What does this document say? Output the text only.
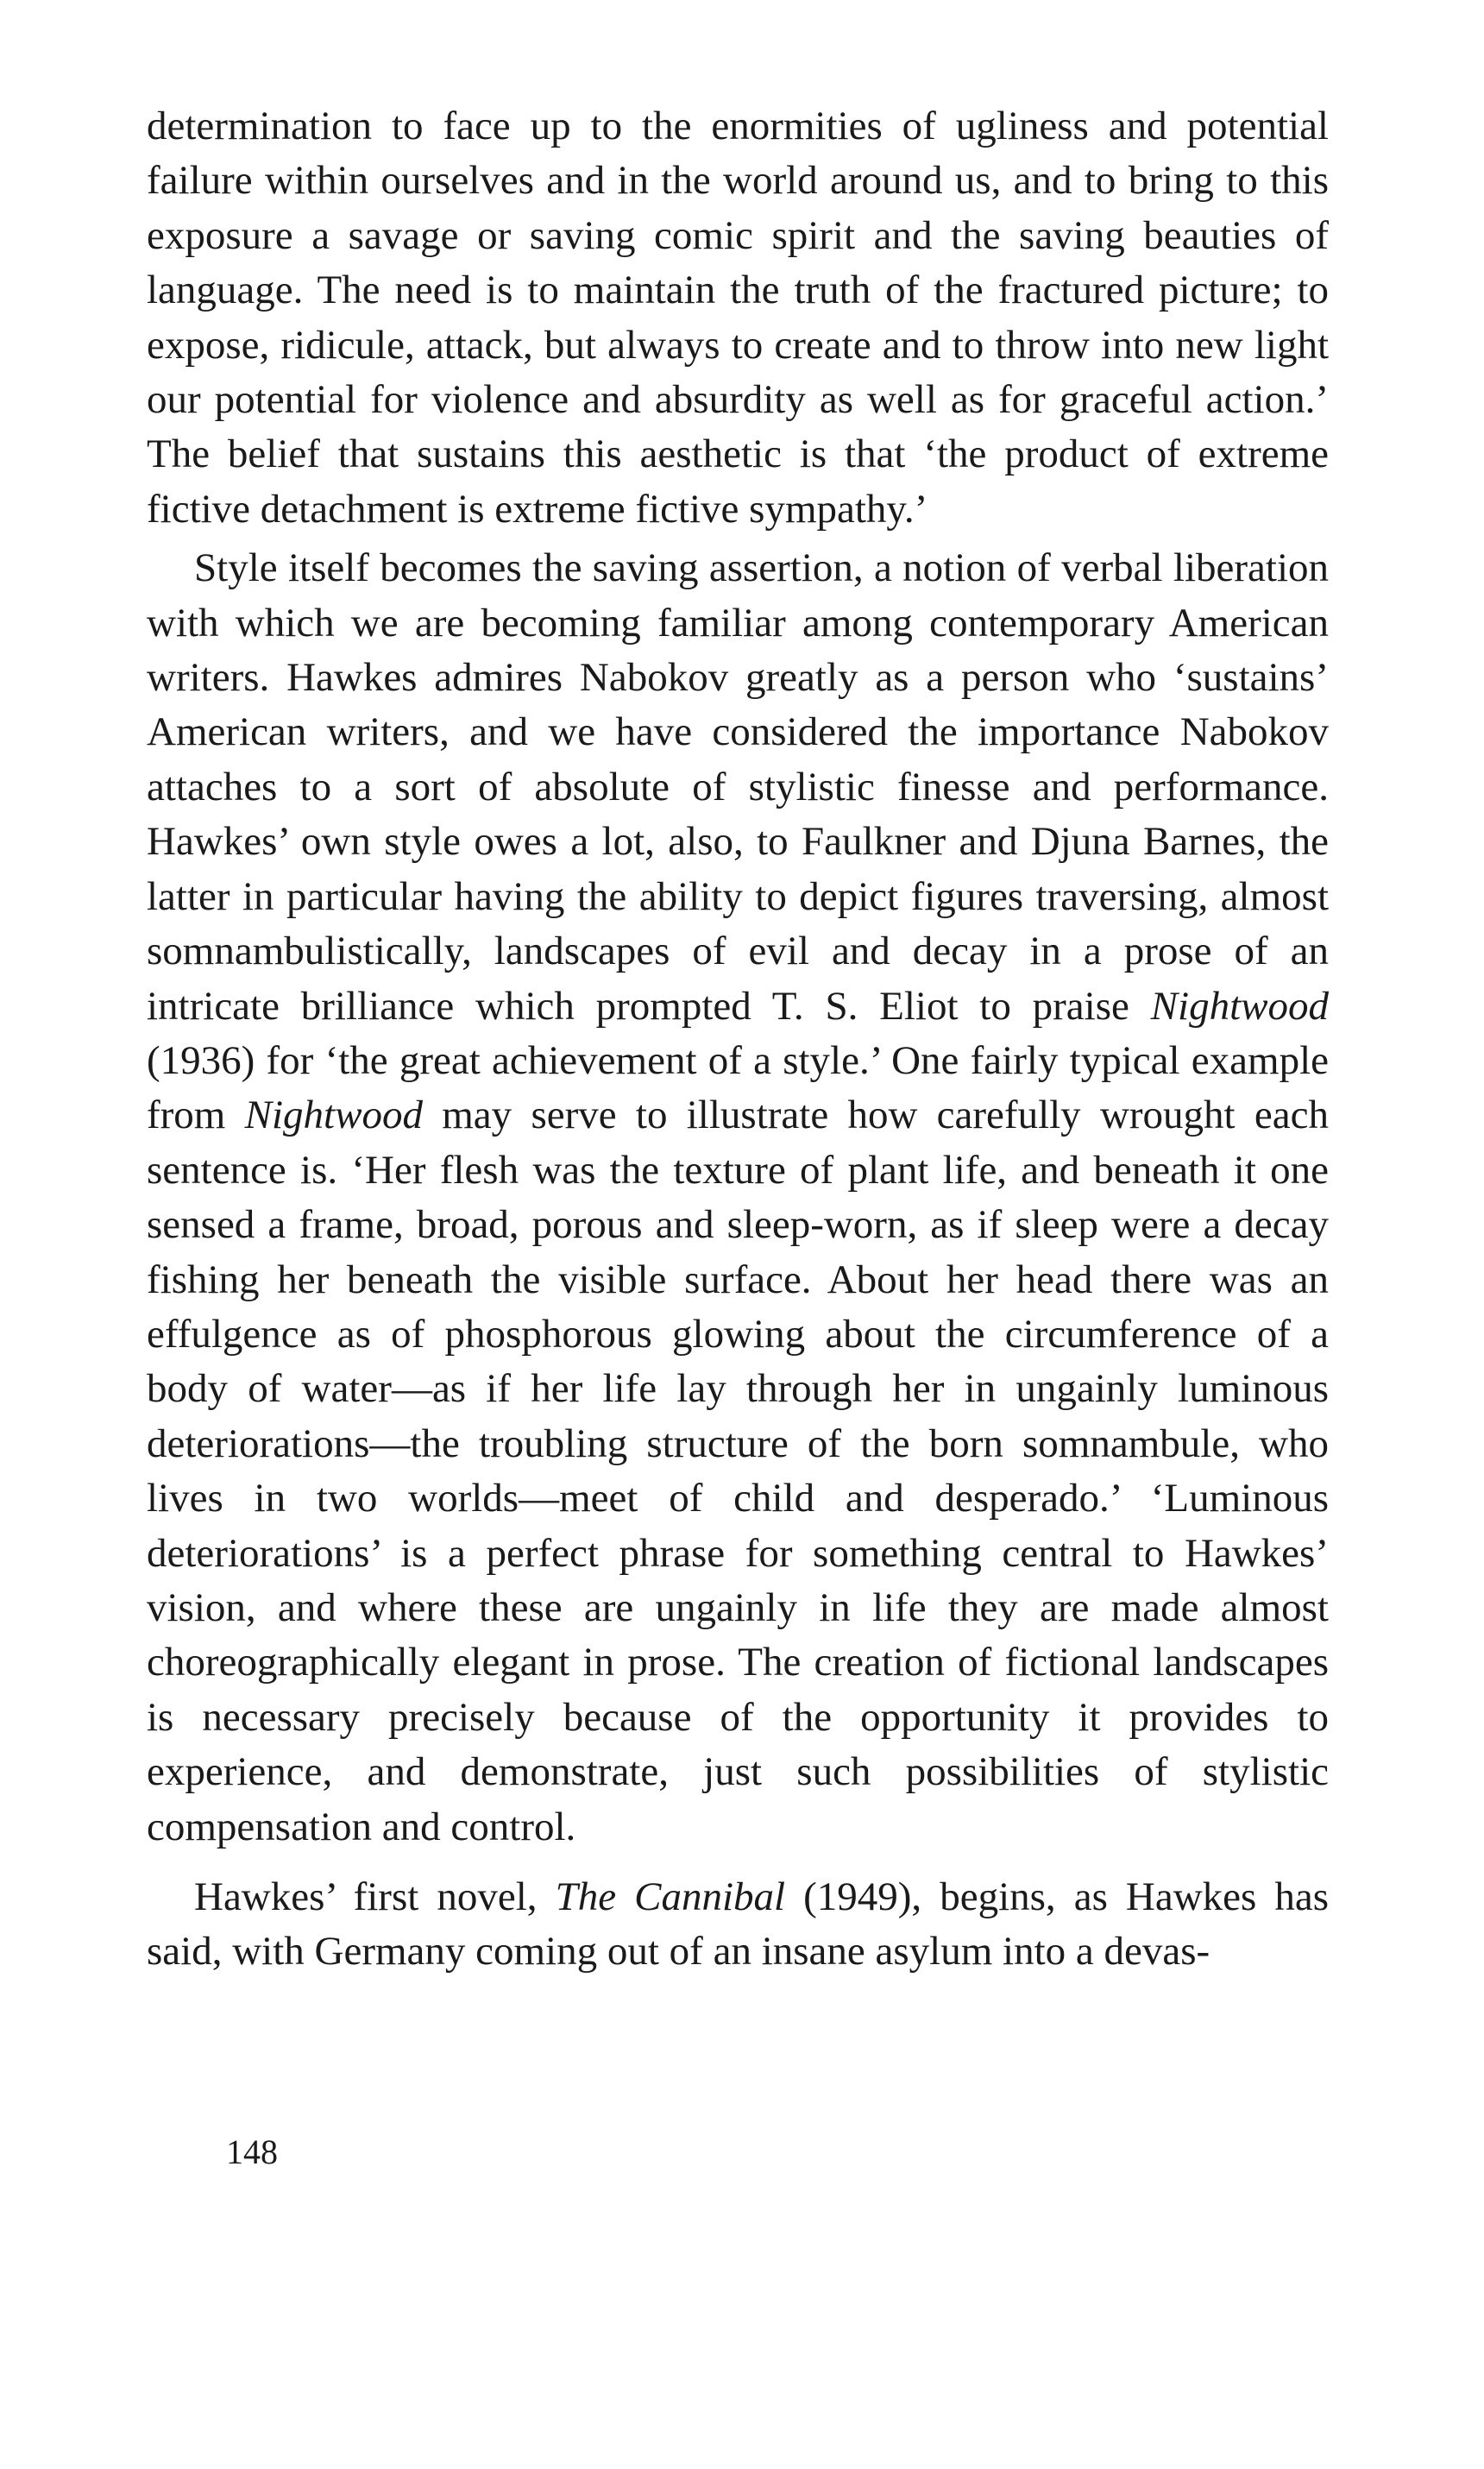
determination to face up to the enormities of ugliness and potential failure within ourselves and in the world around us, and to bring to this exposure a savage or saving comic spirit and the saving beauties of language. The need is to maintain the truth of the fractured picture; to expose, ridicule, attack, but always to create and to throw into new light our potential for violence and absurdity as well as for graceful action.’ The belief that sustains this aesthetic is that ‘the product of extreme fictive detachment is extreme fictive sympathy.’

Style itself becomes the saving assertion, a notion of verbal liberation with which we are becoming familiar among contemporary American writers. Hawkes admires Nabokov greatly as a person who ‘sustains’ American writers, and we have considered the importance Nabokov attaches to a sort of absolute of stylistic finesse and performance. Hawkes’ own style owes a lot, also, to Faulkner and Djuna Barnes, the latter in particular having the ability to depict figures traversing, almost somnambulistically, landscapes of evil and decay in a prose of an intricate brilliance which prompted T. S. Eliot to praise Nightwood (1936) for ‘the great achievement of a style.’ One fairly typical example from Nightwood may serve to illustrate how carefully wrought each sentence is. ‘Her flesh was the texture of plant life, and beneath it one sensed a frame, broad, porous and sleep-worn, as if sleep were a decay fishing her beneath the visible surface. About her head there was an effulgence as of phosphorous glowing about the circumference of a body of water—as if her life lay through her in ungainly luminous deteriorations—the troubling structure of the born somnambule, who lives in two worlds—meet of child and desperado.’ ‘Luminous deteriorations’ is a perfect phrase for something central to Hawkes’ vision, and where these are ungainly in life they are made almost choreographically elegant in prose. The creation of fictional landscapes is necessary precisely because of the opportunity it provides to experience, and demonstrate, just such possibilities of stylistic compensation and control.

Hawkes’ first novel, The Cannibal (1949), begins, as Hawkes has said, with Germany coming out of an insane asylum into a devas-

148
